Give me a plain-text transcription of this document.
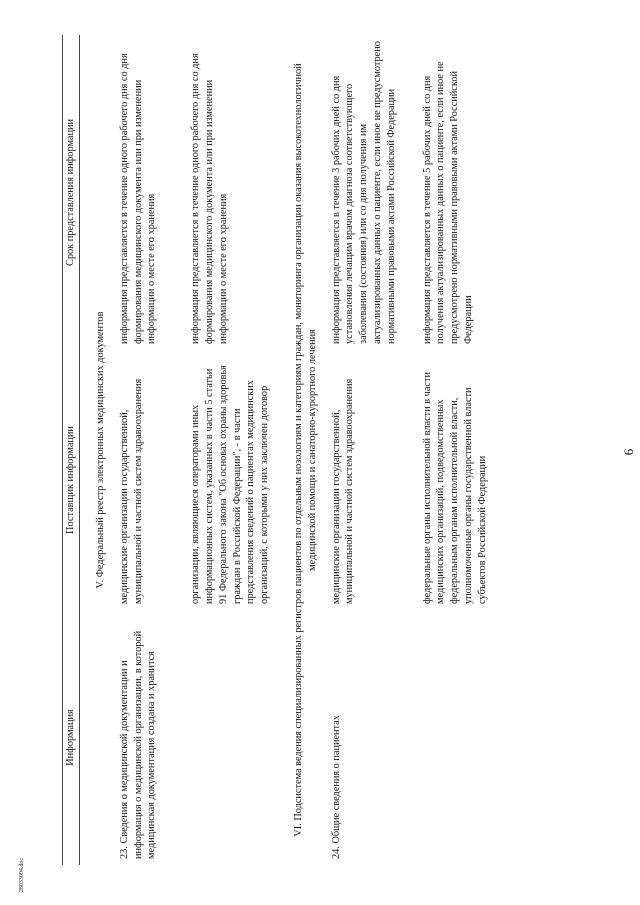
9
Информация
Поставщик информации
Срок представления информации
V. Федеральный реестр электронных медицинских документов
23. Сведения о медицинской документации и информация о медицинской организации, в которой медицинская документация создана и хранится
медицинские организации государственной, муниципальной и частной систем здравоохранения
информация представляется в течение одного рабочего дня со дня формирования медицинского документа или при изменении информации о месте его хранения
организации, являющиеся операторами иных информационных систем, указанных в части 5 статьи 91 Федерального закона "Об основах охраны здоровья граждан в Российской Федерации", - в части представления сведений о пациентах медицинских организаций, с которыми у них заключен договор
информация представляется в течение одного рабочего дня со дня формирования медицинского документа или при изменении информации о месте его хранения	VI. Подсистема ведения специализированных регистров пациентов по отдельным нозологиям и категориям граждан, мониторинга организации оказания высокотехнологичной медицинской помощи и санаторно-курортного лечения
24. Общие сведения о пациентах
медицинские организации государственной, муниципальной и частной систем здравоохранения
информация представляется в течение 3 рабочих дней со дня установления лечащим врачом диагноза соответствующего заболевания (состояния) или со дня получения им актуализированных данных о пациенте, если иное не предусмотрено нормативными правовыми актами Российской Федерации
федеральные органы исполнительной власти в части медицинских организаций, подведомственных федеральным органам исполнительной власти, уполномоченные органы государственной власти субъектов Российской Федерации
информация представляется в течение 5 рабочих дней со дня получения актуализированных данных о пациенте, если иное не предусмотрено нормативными правовыми актами Российской Федерации
28033004.doc
